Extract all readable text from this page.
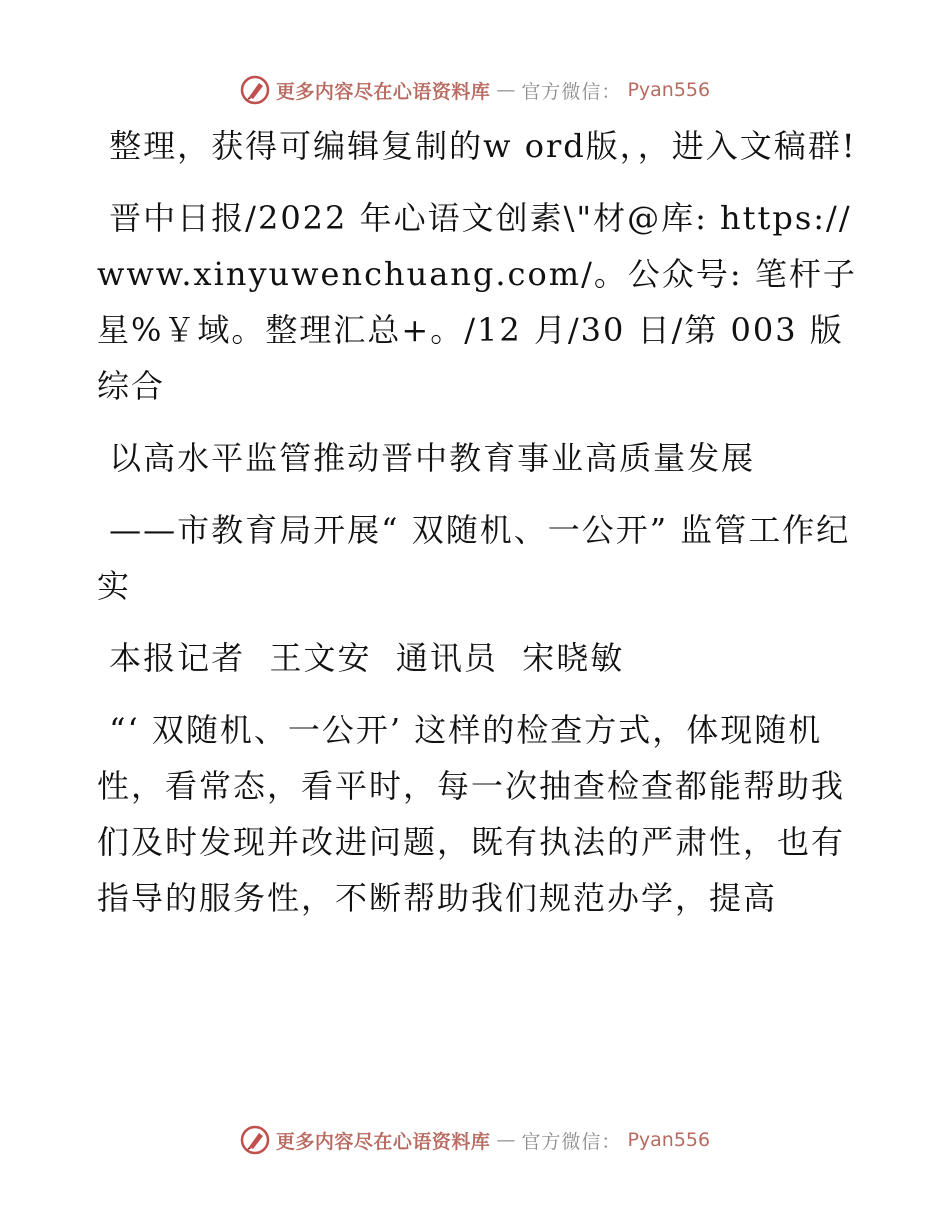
更多内容尽在心语资料库 — 官方微信： Pyan556

整理，获得可编辑复制的w ord版，，进入文稿群!

晋中日报/2022 年心语文创素\"材@库: https://www.xinyuwenchuang.com/。公众号: 笔杆子星%￥域。整理汇总+。/12 月/30 日/第 003 版综合

以高水平监管推动晋中教育事业高质量发展

——市教育局开展“ 双随机、一公开” 监管工作纪实

本报记者  王文安  通讯员  宋晓敏

“‘ 双随机、一公开’ 这样的检查方式，体现随机性，看常态，看平时，每一次抽查检查都能帮助我们及时发现并改进问题，既有执法的严肃性，也有指导的服务性，不断帮助我们规范办学，提高

更多内容尽在心语资料库 — 官方微信： Pyan556
